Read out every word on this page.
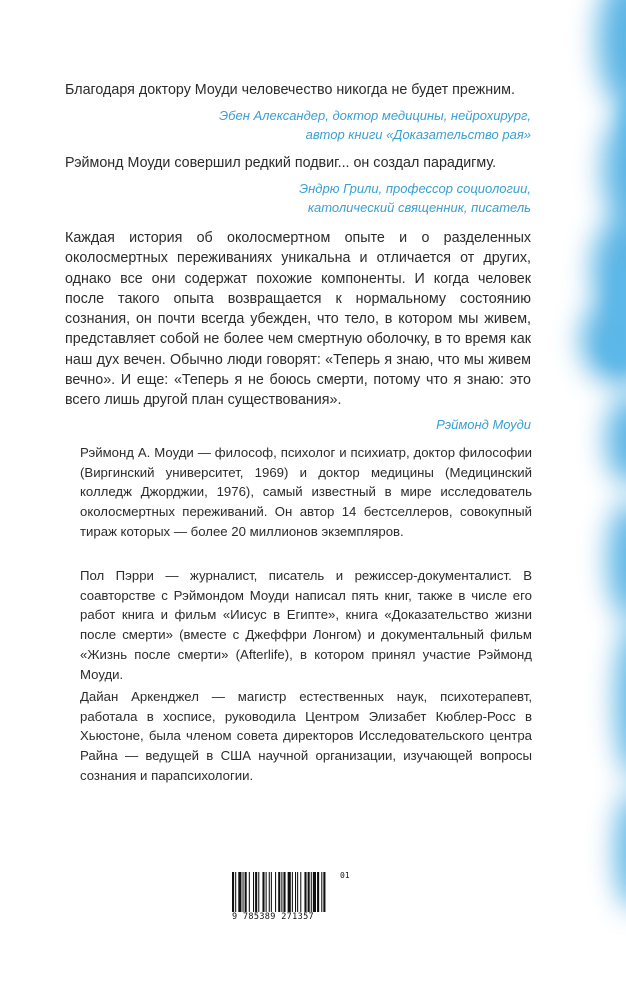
Благодаря доктору Моуди человечество никогда не будет прежним.

Эбен Александер, доктор медицины, нейрохирург,
автор книги «Доказательство рая»

Рэймонд Моуди совершил редкий подвиг... он создал парадигму.

Эндрю Грили, профессор социологии,
католический священник, писатель

Каждая история об околосмертном опыте и о разделенных околосмертных переживаниях уникальна и отличается от других, однако все они содержат похожие компоненты. И когда человек после такого опыта возвращается к нормальному состоянию сознания, он почти всегда убежден, что тело, в котором мы живем, представляет собой не более чем смертную оболочку, в то время как наш дух вечен. Обычно люди говорят: «Теперь я знаю, что мы живем вечно». И еще: «Теперь я не боюсь смерти, потому что я знаю: это всего лишь другой план существования».

Рэймонд Моуди

Рэймонд А. Моуди — философ, психолог и психиатр, доктор философии (Виргинский университет, 1969) и доктор медицины (Медицинский колледж Джорджии, 1976), самый известный в мире исследователь околосмертных переживаний. Он автор 14 бестселлеров, совокупный тираж которых — более 20 миллионов экземпляров.

Пол Пэрри — журналист, писатель и режиссер-документалист. В соавторстве с Рэймондом Моуди написал пять книг, также в числе его работ книга и фильм «Иисус в Египте», книга «Доказательство жизни после смерти» (вместе с Джеффри Лонгом) и документальный фильм «Жизнь после смерти» (Afterlife), в котором принял участие Рэймонд Моуди.

Дайан Аркенджел — магистр естественных наук, психотерапевт, работала в хосписе, руководила Центром Элизабет Кюблер-Росс в Хьюстоне, была членом совета директоров Исследовательского центра Райна — ведущей в США научной организации, изучающей вопросы сознания и парапсихологии.

9 785389 271357
01
